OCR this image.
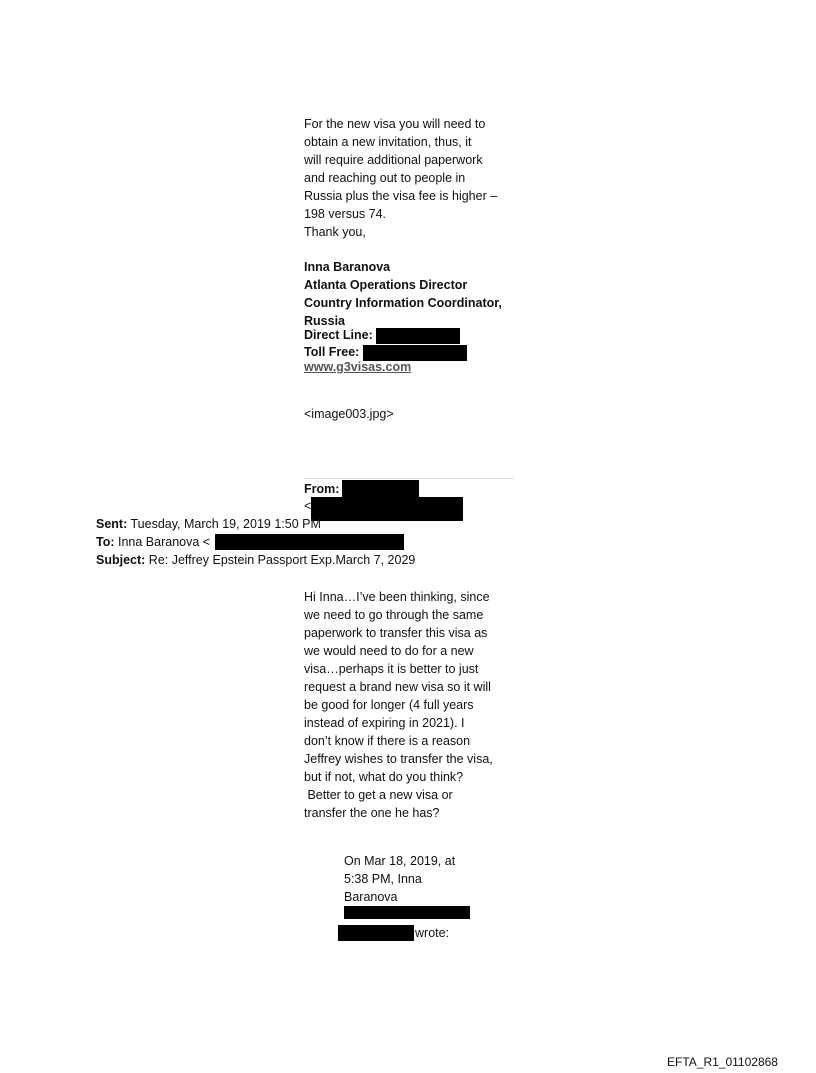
For the new visa you will need to
obtain a new invitation, thus, it
will require additional paperwork
and reaching out to people in
Russia plus the visa fee is higher –
198 versus 74.
Thank you,
Inna Baranova
Atlanta Operations Director
Country Information Coordinator,
Russia
Direct Line:
Toll Free:
www.g3visas.com
<image003.jpg>
From:
<
Sent: Tuesday, March 19, 2019 1:50 PM
To: Inna Baranova <
Subject: Re: Jeffrey Epstein Passport Exp.March 7, 2029
Hi Inna…I’ve been thinking, since
we need to go through the same
paperwork to transfer this visa as
we would need to do for a new
visa…perhaps it is better to just
request a brand new visa so it will
be good for longer (4 full years
instead of expiring in 2021). I
don’t know if there is a reason
Jeffrey wishes to transfer the visa,
but if not, what do you think?
Better to get a new visa or
transfer the one he has?
On Mar 18, 2019, at
5:38 PM, Inna
Baranova
wrote:
EFTA_R1_01102868
